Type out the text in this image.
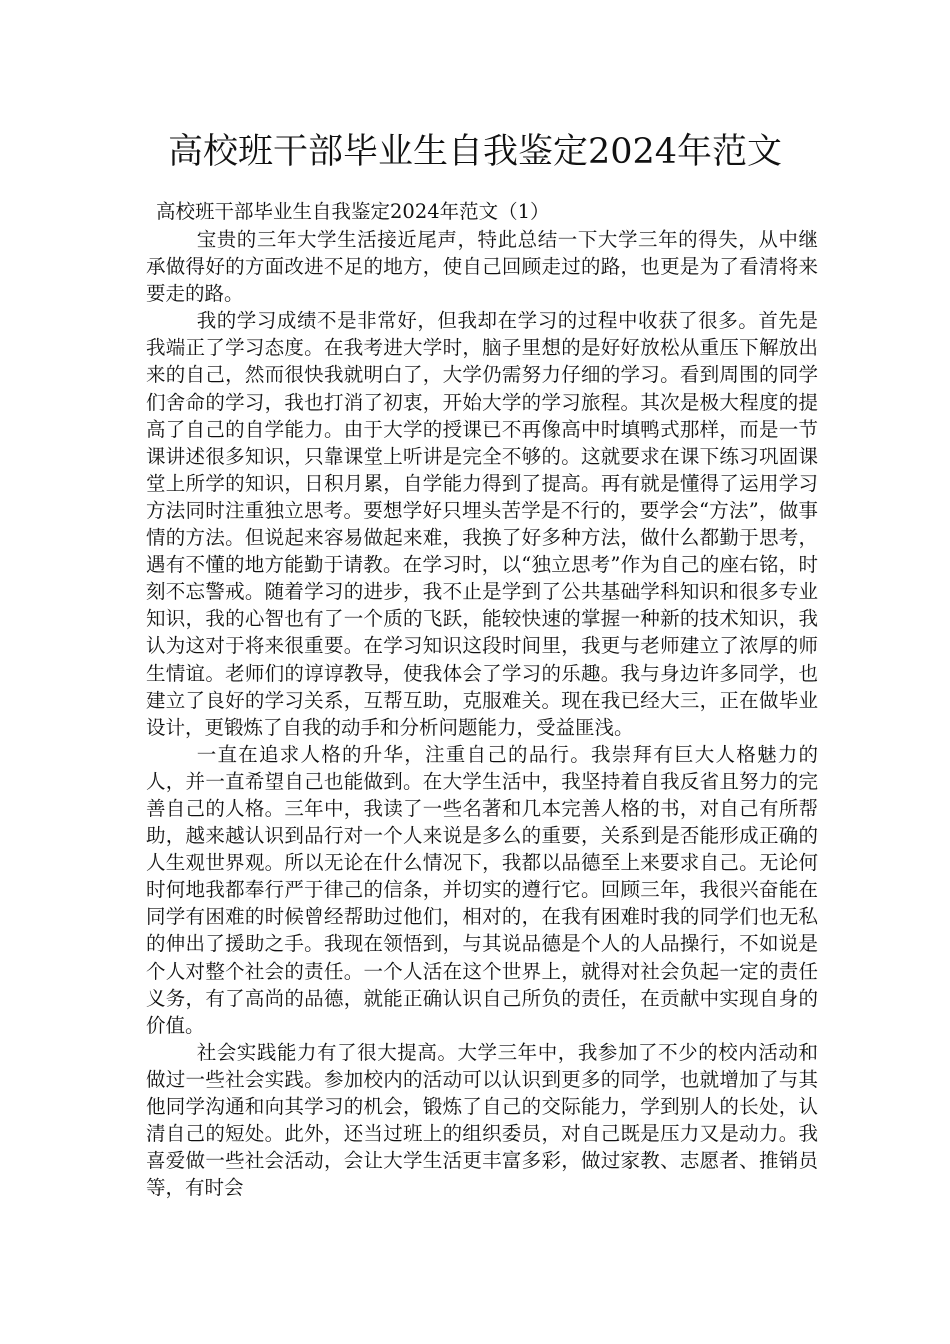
高校班干部毕业生自我鉴定2024年范文

高校班干部毕业生自我鉴定2024年范文（1）

宝贵的三年大学生活接近尾声，特此总结一下大学三年的得失，从中继承做得好的方面改进不足的地方，使自己回顾走过的路，也更是为了看清将来要走的路。

我的学习成绩不是非常好，但我却在学习的过程中收获了很多。首先是我端正了学习态度。在我考进大学时，脑子里想的是好好放松从重压下解放出来的自己，然而很快我就明白了，大学仍需努力仔细的学习。看到周围的同学们舍命的学习，我也打消了初衷，开始大学的学习旅程。其次是极大程度的提高了自己的自学能力。由于大学的授课已不再像高中时填鸭式那样，而是一节课讲述很多知识，只靠课堂上听讲是完全不够的。这就要求在课下练习巩固课堂上所学的知识，日积月累，自学能力得到了提高。再有就是懂得了运用学习方法同时注重独立思考。要想学好只埋头苦学是不行的，要学会“方法”，做事情的方法。但说起来容易做起来难，我换了好多种方法，做什么都勤于思考，遇有不懂的地方能勤于请教。在学习时，以“独立思考”作为自己的座右铭，时刻不忘警戒。随着学习的进步，我不止是学到了公共基础学科知识和很多专业知识，我的心智也有了一个质的飞跃，能较快速的掌握一种新的技术知识，我认为这对于将来很重要。在学习知识这段时间里，我更与老师建立了浓厚的师生情谊。老师们的谆谆教导，使我体会了学习的乐趣。我与身边许多同学，也建立了良好的学习关系，互帮互助，克服难关。现在我已经大三，正在做毕业设计，更锻炼了自我的动手和分析问题能力，受益匪浅。

一直在追求人格的升华，注重自己的品行。我崇拜有巨大人格魅力的人，并一直希望自己也能做到。在大学生活中，我坚持着自我反省且努力的完善自己的人格。三年中，我读了一些名著和几本完善人格的书，对自己有所帮助，越来越认识到品行对一个人来说是多么的重要，关系到是否能形成正确的人生观世界观。所以无论在什么情况下，我都以品德至上来要求自己。无论何时何地我都奉行严于律己的信条，并切实的遵行它。回顾三年，我很兴奋能在同学有困难的时候曾经帮助过他们，相对的，在我有困难时我的同学们也无私的伸出了援助之手。我现在领悟到，与其说品德是个人的人品操行，不如说是个人对整个社会的责任。一个人活在这个世界上，就得对社会负起一定的责任义务，有了高尚的品德，就能正确认识自己所负的责任，在贡献中实现自身的价值。

社会实践能力有了很大提高。大学三年中，我参加了不少的校内活动和做过一些社会实践。参加校内的活动可以认识到更多的同学，也就增加了与其他同学沟通和向其学习的机会，锻炼了自己的交际能力，学到别人的长处，认清自己的短处。此外，还当过班上的组织委员，对自己既是压力又是动力。我喜爱做一些社会活动，会让大学生活更丰富多彩，做过家教、志愿者、推销员等，有时会
